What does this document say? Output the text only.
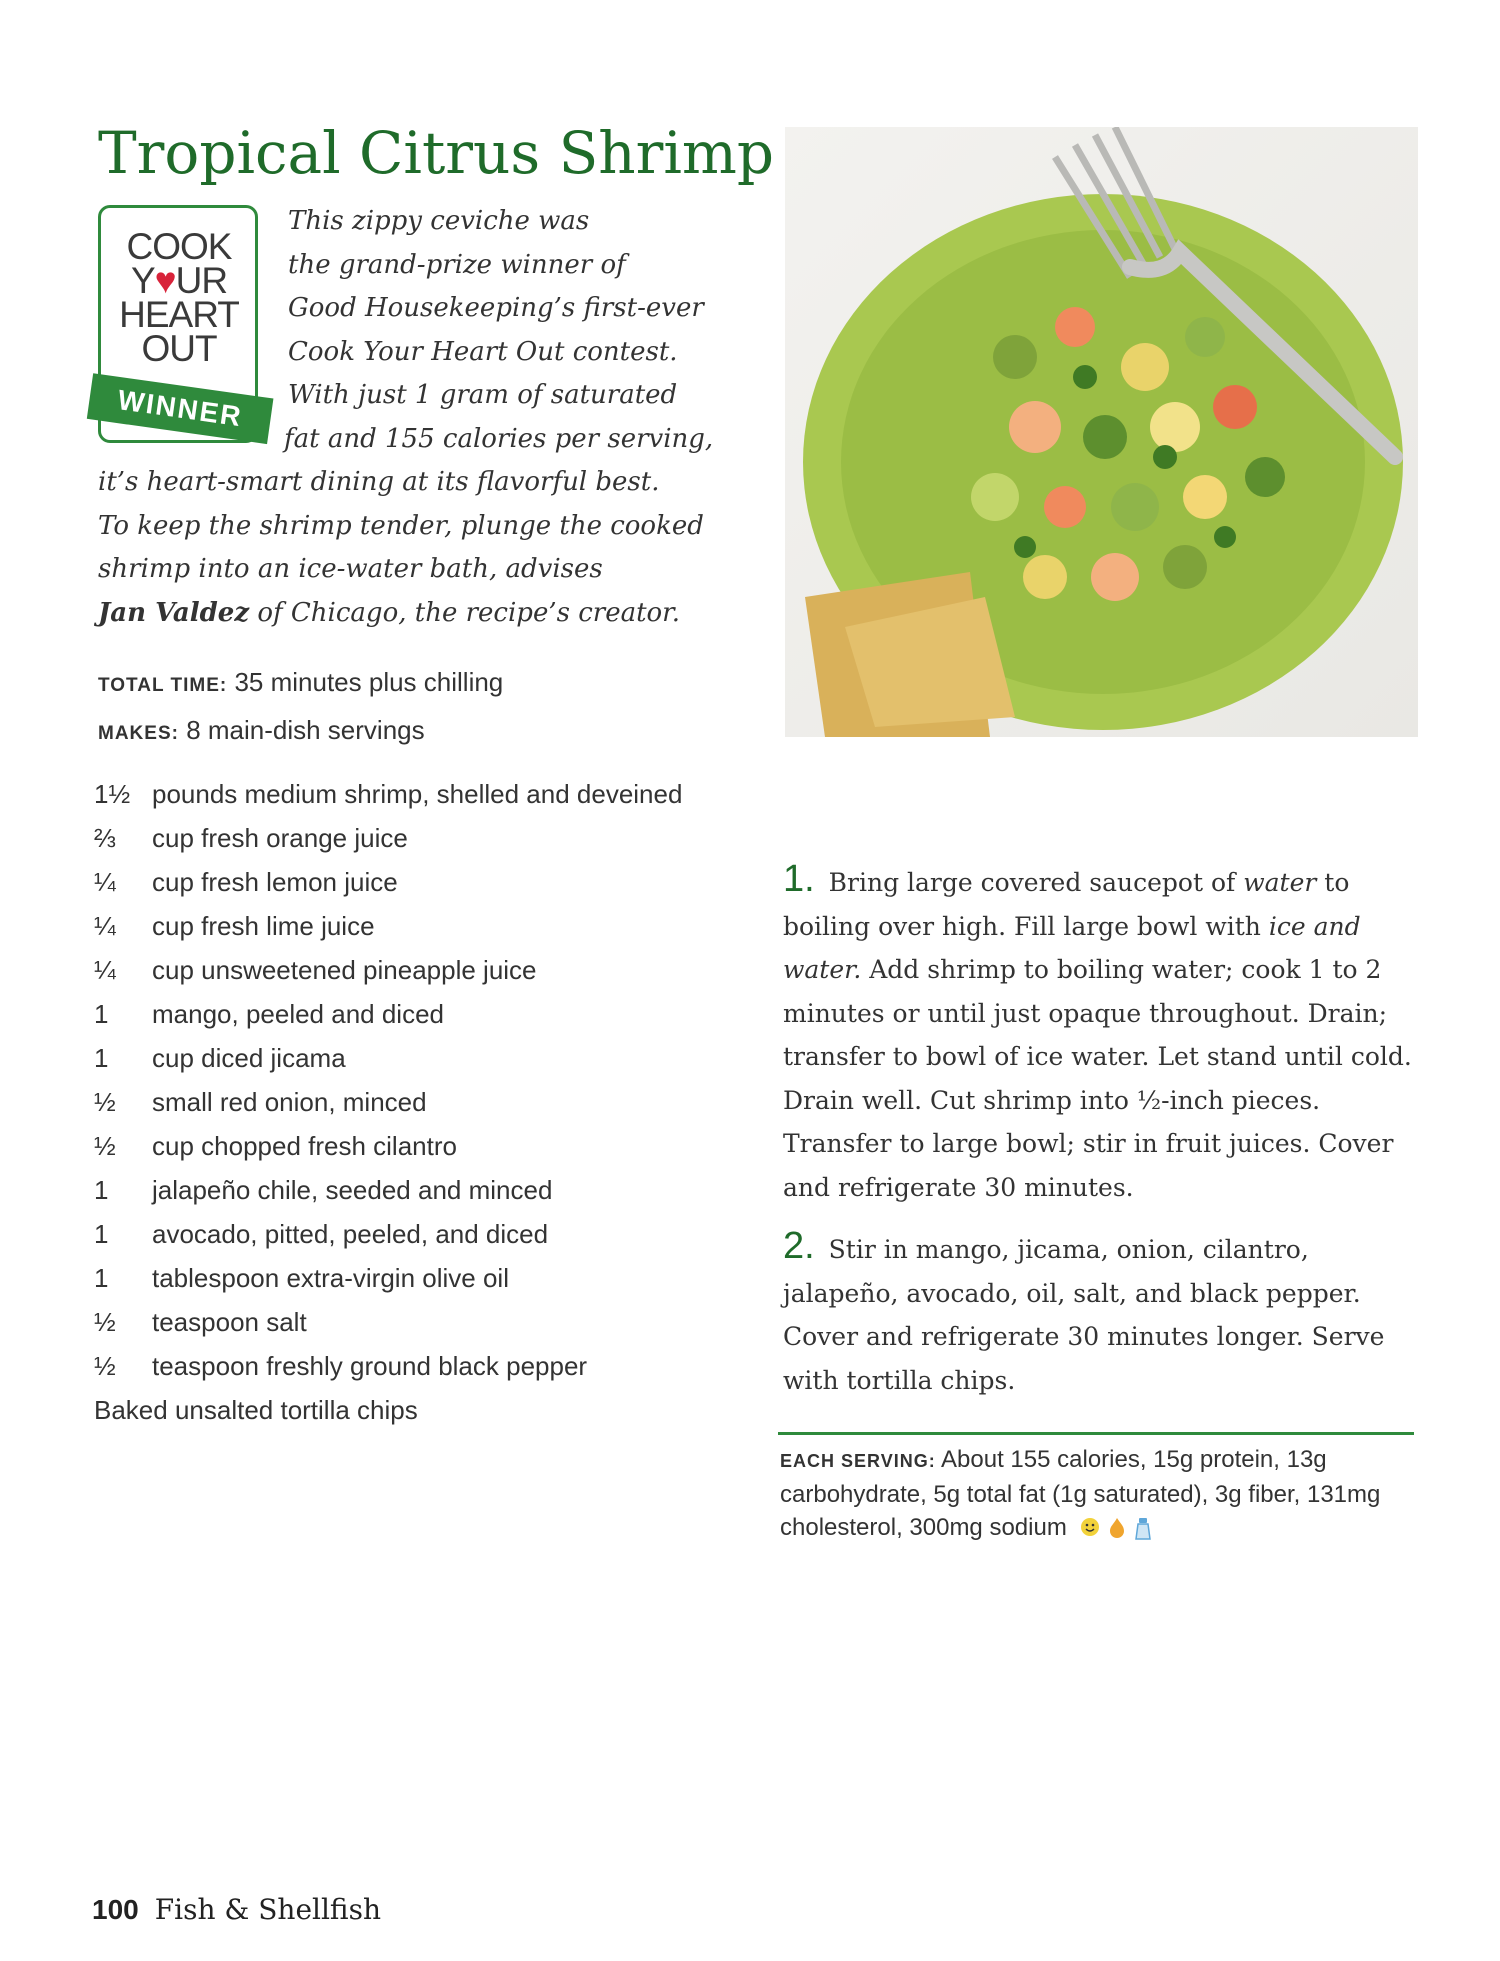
Tropical Citrus Shrimp
COOK
Y♥UR
HEART
OUT
WINNER
This zippy ceviche was
the grand-prize winner of
Good Housekeeping’s first-ever
Cook Your Heart Out contest.
With just 1 gram of saturated
fat and 155 calories per serving,
it’s heart-smart dining at its flavorful best.
To keep the shrimp tender, plunge the cooked
shrimp into an ice-water bath, advises
Jan Valdez of Chicago, the recipe’s creator.
TOTAL TIME: 35 minutes plus chilling
MAKES: 8 main-dish servings
1½ pounds medium shrimp, shelled and deveined
⅔	cup fresh orange juice
¼	cup fresh lemon juice
¼	cup fresh lime juice
¼	cup unsweetened pineapple juice
1	mango, peeled and diced
1	cup diced jicama
½	small red onion, minced
½	cup chopped fresh cilantro
1	jalapeño chile, seeded and minced
1	avocado, pitted, peeled, and diced
1	tablespoon extra-virgin olive oil
½	teaspoon salt
½	teaspoon freshly ground black pepper
Baked unsalted tortilla chips

1. Bring large covered saucepot of water to boiling over high. Fill large bowl with ice and water. Add shrimp to boiling water; cook 1 to 2 minutes or until just opaque throughout. Drain; transfer to bowl of ice water. Let stand until cold. Drain well. Cut shrimp into ½-inch pieces. Transfer to large bowl; stir in fruit juices. Cover and refrigerate 30 minutes.

2. Stir in mango, jicama, onion, cilantro, jalapeño, avocado, oil, salt, and black pepper. Cover and refrigerate 30 minutes longer. Serve with tortilla chips.

EACH SERVING: About 155 calories, 15g protein, 13g carbohydrate, 5g total fat (1g saturated), 3g fiber, 131mg cholesterol, 300mg sodium
100 Fish & Shellfish
